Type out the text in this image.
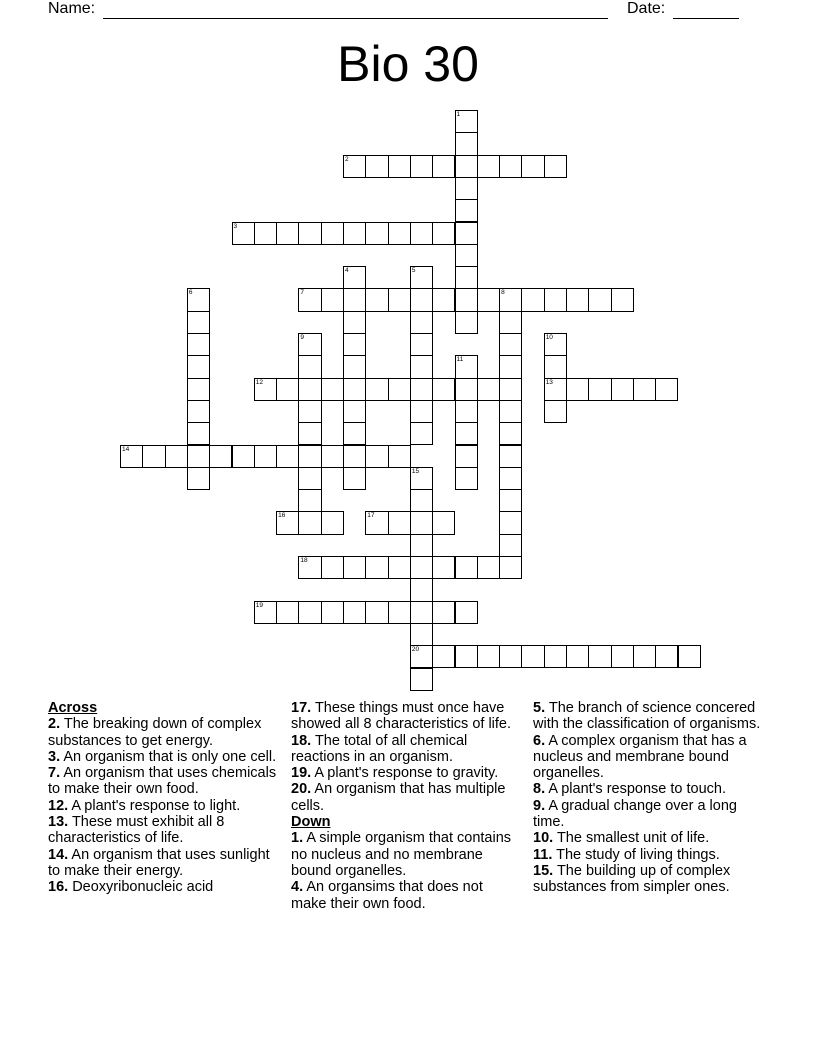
Name:	Date:
Bio 30
1
2
3
4	5
6	7	8
9	10
13
11
12
14
15
20
16	17
18
19

Across

2. The breaking down of complex substances to get energy.

3. An organism that is only one cell.

7. An organism that uses chemicals to make their own food.

12. A plant's response to light.

13. These must exhibit all 8 characteristics of life.

14. An organism that uses sunlight to make their energy.

16. Deoxyribonucleic acid

17. These things must once have showed all 8 characteristics of life.

18. The total of all chemical reactions in an organism.

19. A plant's response to gravity.

20. An organism that has multiple cells.

Down

1. A simple organism that contains no nucleus and no membrane bound organelles.

4. An organsims that does not make their own food.

5. The branch of science concered with the classification of organisms.

6. A complex organism that has a nucleus and membrane bound organelles.

8. A plant's response to touch.

9. A gradual change over a long time.

10. The smallest unit of life.

11. The study of living things.

15. The building up of complex substances from simpler ones.
